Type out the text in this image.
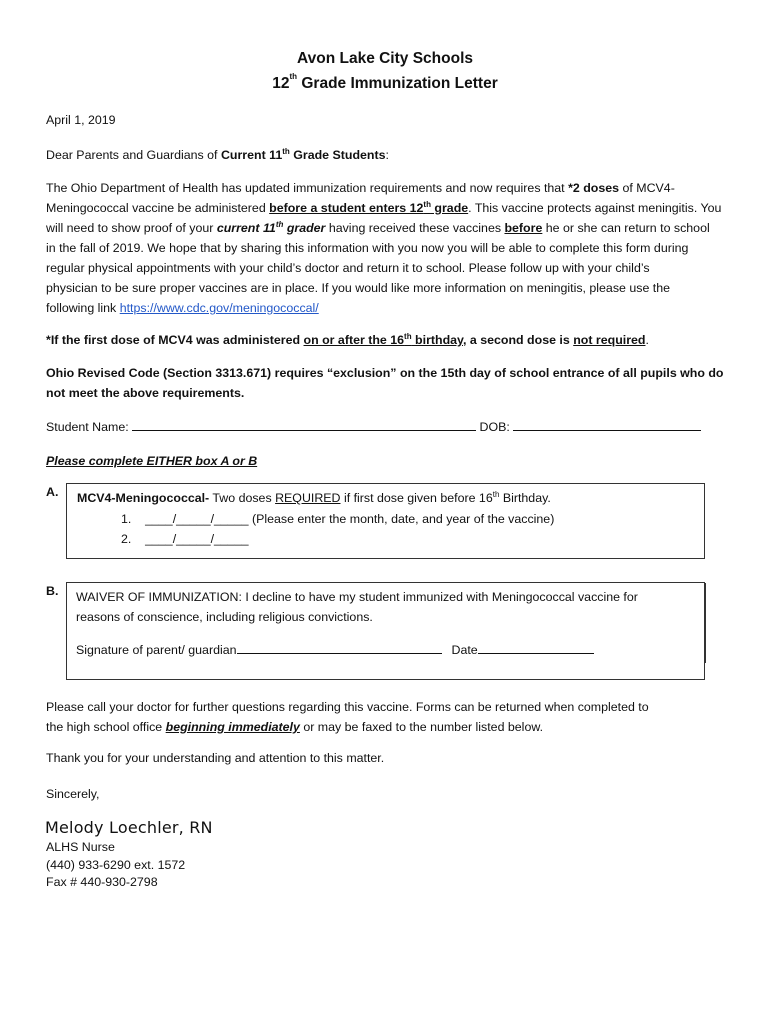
Avon Lake City Schools
12th Grade Immunization Letter

April 1, 2019

Dear Parents and Guardians of Current 11th Grade Students:

The Ohio Department of Health has updated immunization requirements and now requires that *2 doses of MCV4-
Meningococcal vaccine be administered before a student enters 12th grade. This vaccine protects against meningitis. You
will need to show proof of your current 11th grader having received these vaccines before he or she can return to school
in the fall of 2019. We hope that by sharing this information with you now you will be able to complete this form during
regular physical appointments with your child’s doctor and return it to school. Please follow up with your child’s
physician to be sure proper vaccines are in place. If you would like more information on meningitis, please use the
following link https://www.cdc.gov/meningococcal/

*If the first dose of MCV4 was administered on or after the 16th birthday, a second dose is not required.

Ohio Revised Code (Section 3313.671) requires “exclusion” on the 15th day of school entrance of all pupils who do
not meet the above requirements.
Student Name:	DOB:

Please complete EITHER box A or B

A. MCV4-Meningococcal- Two doses REQUIRED if first dose given before 16th Birthday.
1. ____/_____/_____ (Please enter the month, date, and year of the vaccine)
2. ____/_____/_____
B. WAIVER OF IMMUNIZATION: I decline to have my student immunized with Meningococcal vaccine for
reasons of conscience, including religious convictions.
Signature of parent/ guardian	Date
Please call your doctor for further questions regarding this vaccine. Forms can be returned when completed to
the high school office beginning immediately or may be faxed to the number listed below.

Thank you for your understanding and attention to this matter.

Sincerely,

Melody Loechler, RN
ALHS Nurse
(440) 933-6290 ext. 1572
Fax # 440-930-2798
